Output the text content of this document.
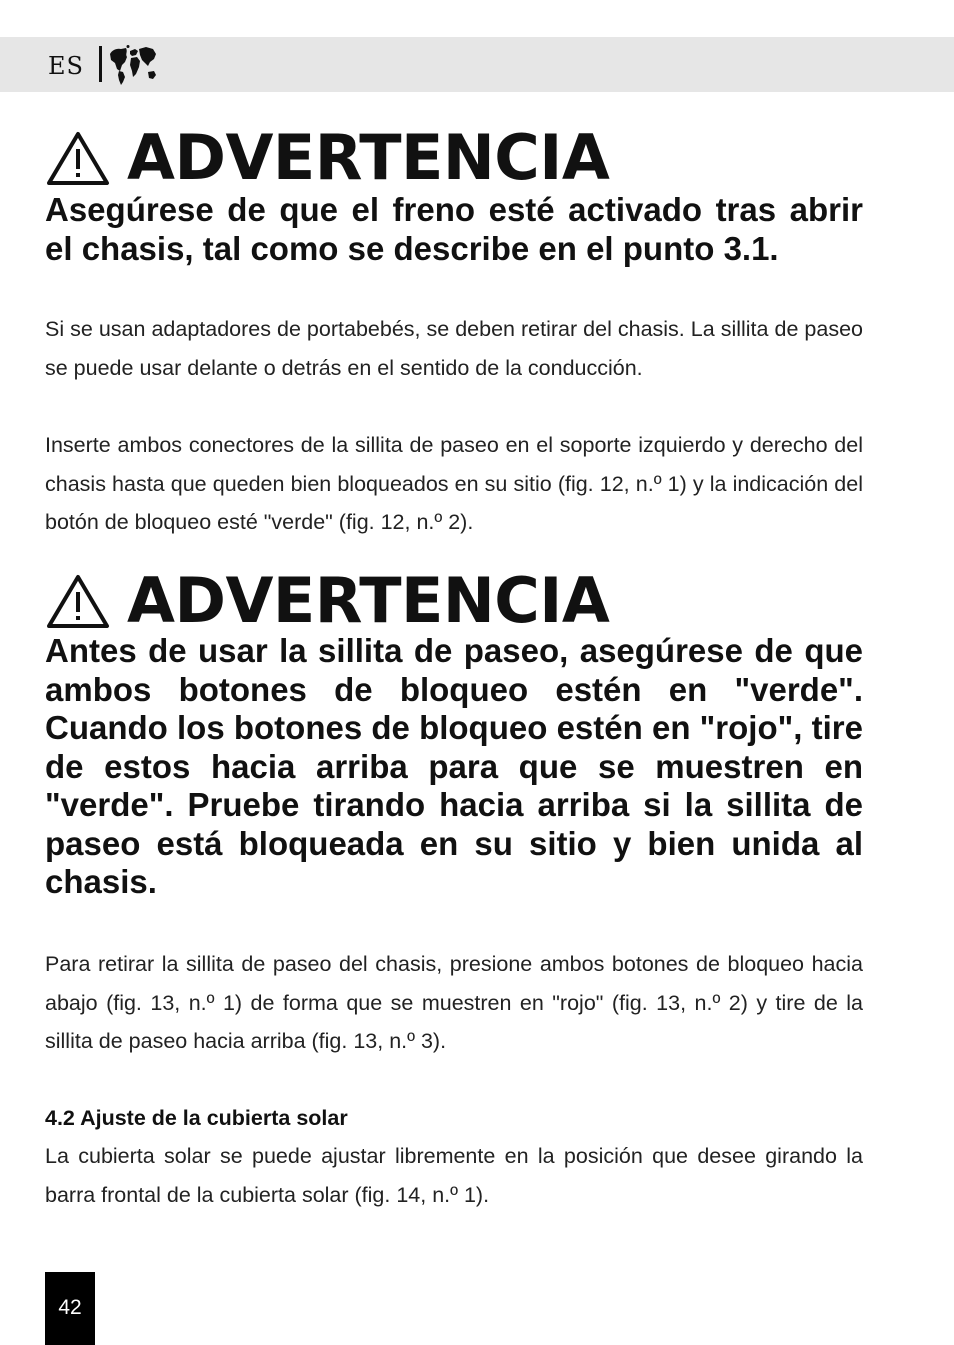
ES
ADVERTENCIA
Asegúrese de que el freno esté activado tras abrir el chasis, tal como se describe en el punto 3.1.
Si se usan adaptadores de portabebés, se deben retirar del chasis. La sillita de paseo se puede usar delante o detrás en el sentido de la conducción.
Inserte ambos conectores de la sillita de paseo en el soporte izquierdo y derecho del chasis hasta que queden bien bloqueados en su sitio (fig. 12, n.º 1) y la indicación del botón de bloqueo esté "verde" (fig. 12, n.º 2).
ADVERTENCIA
Antes de usar la sillita de paseo, asegúrese de que ambos botones de bloqueo estén en "verde". Cuando los botones de bloqueo estén en "rojo", tire de estos hacia arriba para que se muestren en "verde". Pruebe tirando hacia arriba si la sillita de paseo está bloqueada en su sitio y bien unida al chasis.
Para retirar la sillita de paseo del chasis, presione ambos botones de bloqueo hacia abajo (fig. 13, n.º 1) de forma que se muestren en "rojo" (fig. 13, n.º 2) y tire de la sillita de paseo hacia arriba (fig. 13, n.º 3).
4.2 Ajuste de la cubierta solar
La cubierta solar se puede ajustar libremente en la posición que desee girando la barra frontal de la cubierta solar (fig. 14, n.º 1).
42
